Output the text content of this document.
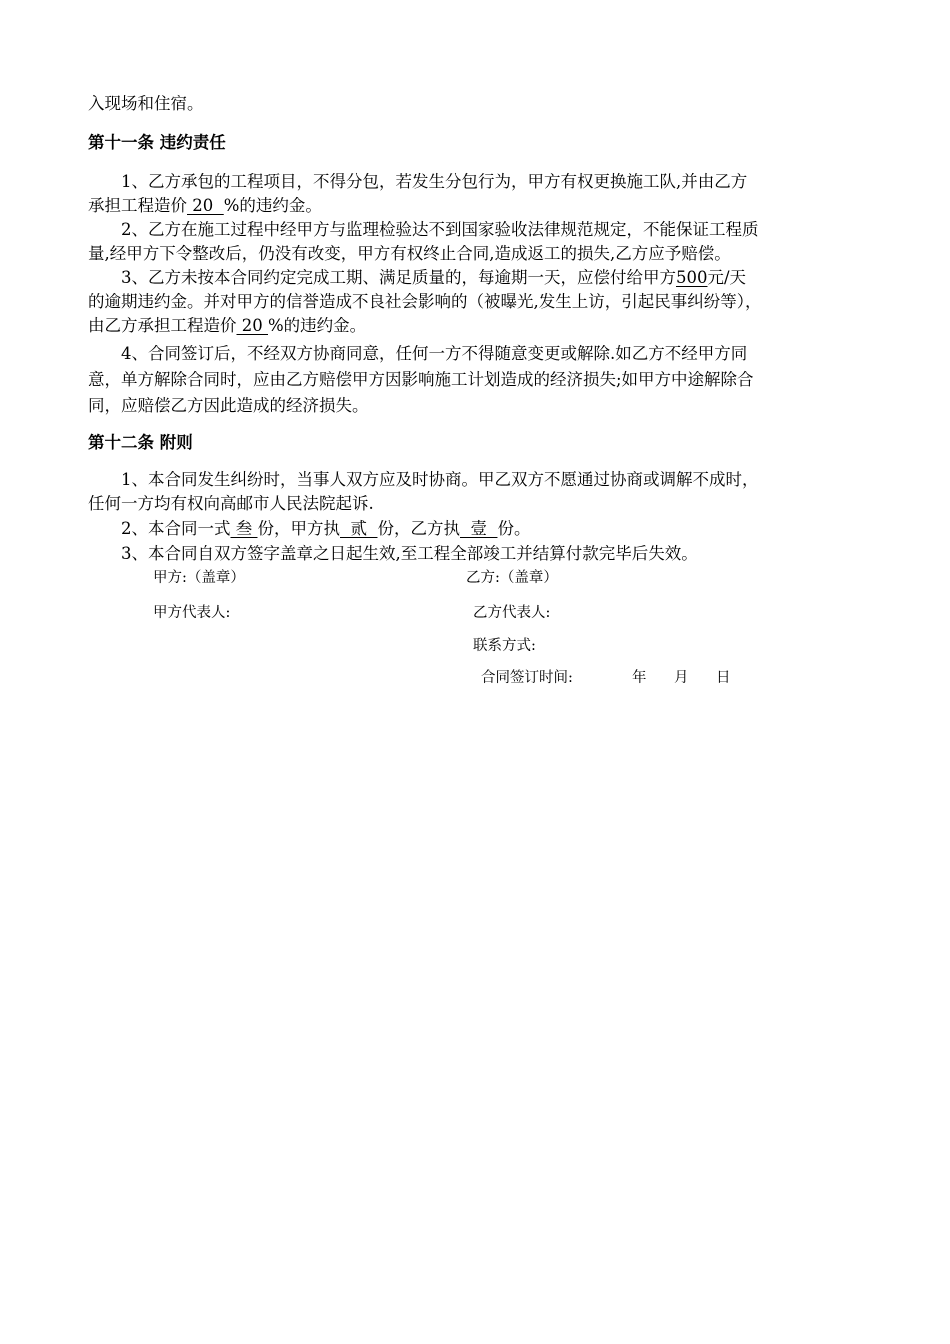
入现场和住宿。
第十一条 违约责任
1、乙方承包的工程项目，不得分包，若发生分包行为，甲方有权更换施工队,并由乙方
承担工程造价 20  %的违约金。
2、乙方在施工过程中经甲方与监理检验达不到国家验收法律规范规定，不能保证工程质
量,经甲方下令整改后，仍没有改变，甲方有权终止合同,造成返工的损失,乙方应予赔偿。
3、乙方未按本合同约定完成工期、满足质量的，每逾期一天，应偿付给甲方500元/天
的逾期违约金。并对甲方的信誉造成不良社会影响的（被曝光,发生上访，引起民事纠纷等），
由乙方承担工程造价 20 %的违约金。
4、合同签订后，不经双方协商同意，任何一方不得随意变更或解除.如乙方不经甲方同
意，单方解除合同时，应由乙方赔偿甲方因影响施工计划造成的经济损失;如甲方中途解除合
同，应赔偿乙方因此造成的经济损失。
第十二条 附则
1、本合同发生纠纷时，当事人双方应及时协商。甲乙双方不愿通过协商或调解不成时，
任何一方均有权向高邮市人民法院起诉.
2、本合同一式 叁 份，甲方执  贰  份，乙方执  壹  份。
3、本合同自双方签字盖章之日起生效,至工程全部竣工并结算付款完毕后失效。
甲方:（盖章）	乙方:（盖章）
甲方代表人:	乙方代表人:
联系方式:
合同签订时间:	年 月 日
